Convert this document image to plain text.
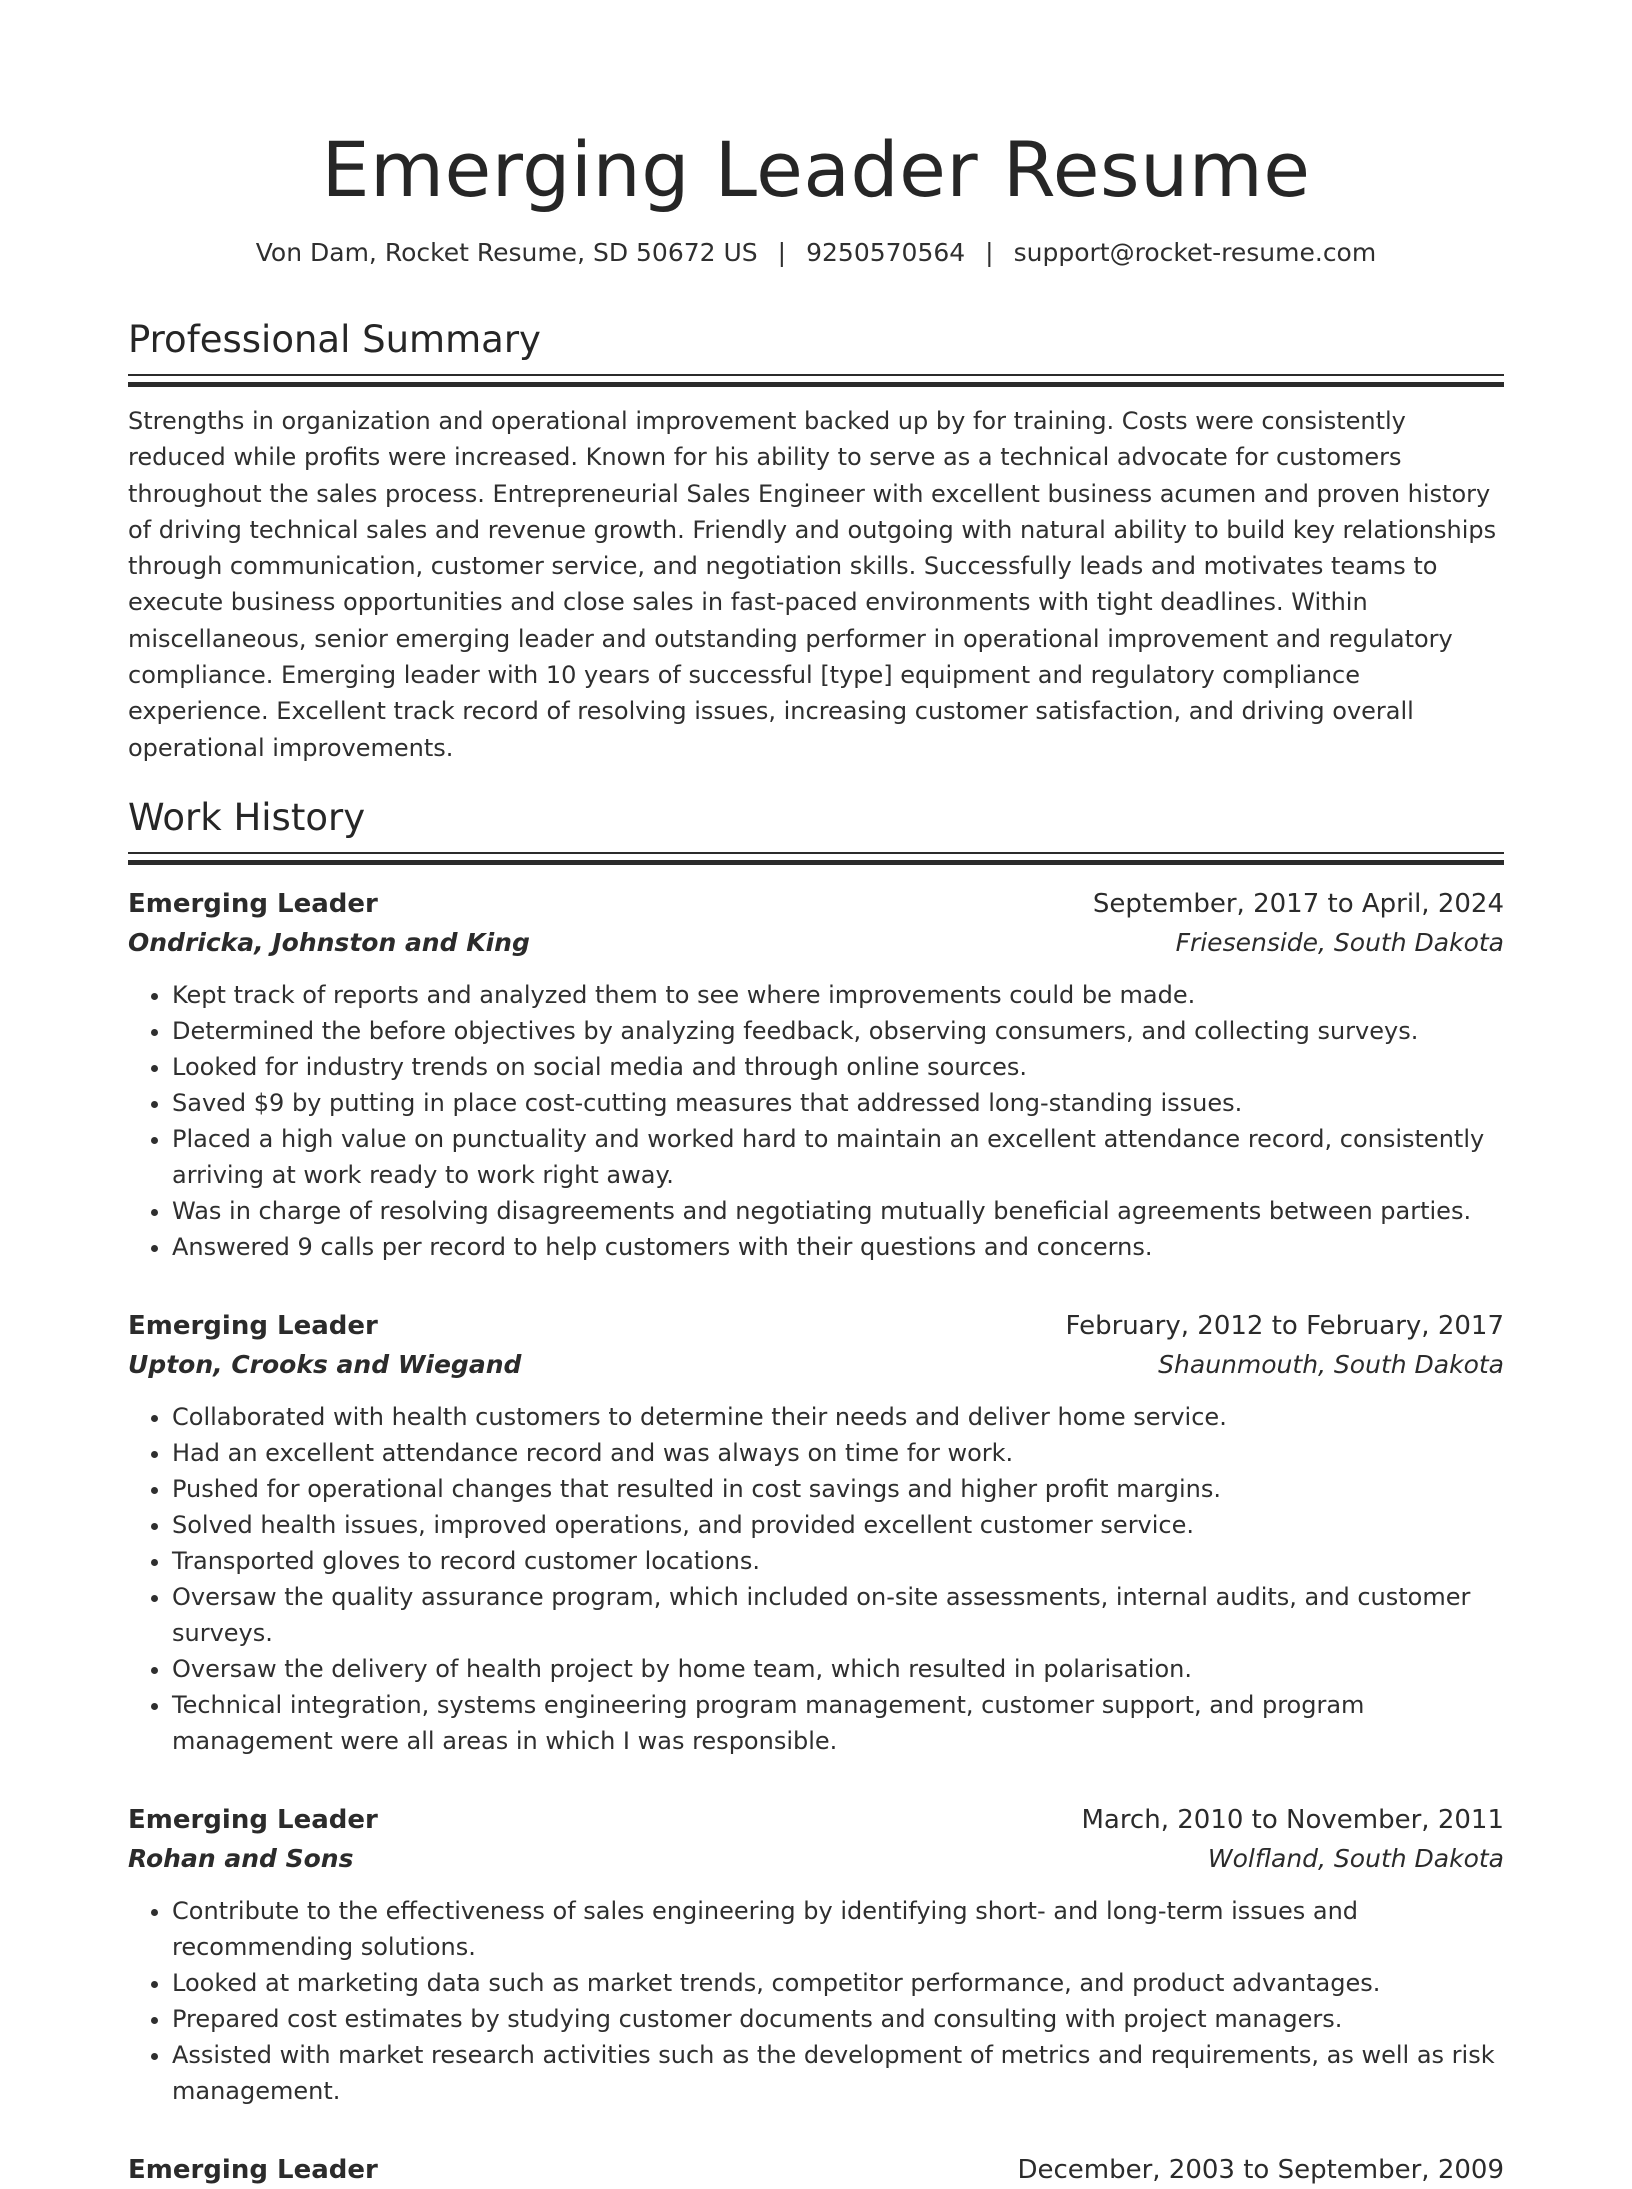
Emerging Leader Resume
Von Dam, Rocket Resume, SD 50672 US | 9250570564 | support@rocket-resume.com
Professional Summary

Strengths in organization and operational improvement backed up by for training. Costs were consistently reduced while profits were increased. Known for his ability to serve as a technical advocate for customers throughout the sales process. Entrepreneurial Sales Engineer with excellent business acumen and proven history of driving technical sales and revenue growth. Friendly and outgoing with natural ability to build key relationships through communication, customer service, and negotiation skills. Successfully leads and motivates teams to execute business opportunities and close sales in fast-paced environments with tight deadlines. Within miscellaneous, senior emerging leader and outstanding performer in operational improvement and regulatory compliance. Emerging leader with 10 years of successful [type] equipment and regulatory compliance experience. Excellent track record of resolving issues, increasing customer satisfaction, and driving overall operational improvements.

Work History
Emerging Leader	September, 2017 to April, 2024
Ondricka, Johnston and King	Friesenside, South Dakota
• Kept track of reports and analyzed them to see where improvements could be made.
• Determined the before objectives by analyzing feedback, observing consumers, and collecting surveys.
• Looked for industry trends on social media and through online sources.
• Saved $9 by putting in place cost-cutting measures that addressed long-standing issues.
• Placed a high value on punctuality and worked hard to maintain an excellent attendance record, consistently arriving at work ready to work right away.
• Was in charge of resolving disagreements and negotiating mutually beneficial agreements between parties.
• Answered 9 calls per record to help customers with their questions and concerns.
Emerging Leader	February, 2012 to February, 2017
Upton, Crooks and Wiegand	Shaunmouth, South Dakota
• Collaborated with health customers to determine their needs and deliver home service.
• Had an excellent attendance record and was always on time for work.
• Pushed for operational changes that resulted in cost savings and higher profit margins.
• Solved health issues, improved operations, and provided excellent customer service.
• Transported gloves to record customer locations.
• Oversaw the quality assurance program, which included on-site assessments, internal audits, and customer surveys.
• Oversaw the delivery of health project by home team, which resulted in polarisation.
• Technical integration, systems engineering program management, customer support, and program management were all areas in which I was responsible.
Emerging Leader	March, 2010 to November, 2011
Rohan and Sons	Wolfland, South Dakota
• Contribute to the effectiveness of sales engineering by identifying short- and long-term issues and recommending solutions.
• Looked at marketing data such as market trends, competitor performance, and product advantages.
• Prepared cost estimates by studying customer documents and consulting with project managers.
• Assisted with market research activities such as the development of metrics and requirements, as well as risk management.
Emerging Leader	December, 2003 to September, 2009
